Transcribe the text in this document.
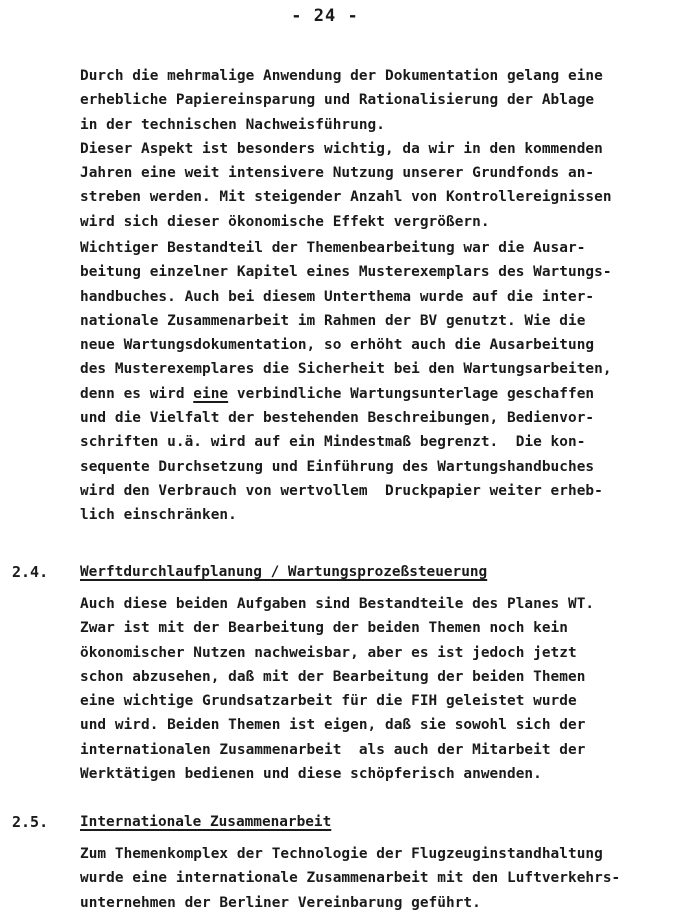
- 24 -
Durch die mehrmalige Anwendung der Dokumentation gelang eine
erhebliche Papiereinsparung und Rationalisierung der Ablage
in der technischen Nachweisführung.
Dieser Aspekt ist besonders wichtig, da wir in den kommenden
Jahren eine weit intensivere Nutzung unserer Grundfonds an-
streben werden. Mit steigender Anzahl von Kontrollereignissen
wird sich dieser ökonomische Effekt vergrößern.
Wichtiger Bestandteil der Themenbearbeitung war die Ausar-
beitung einzelner Kapitel eines Musterexemplars des Wartungs-
handbuches. Auch bei diesem Unterthema wurde auf die inter-
nationale Zusammenarbeit im Rahmen der BV genutzt. Wie die
neue Wartungsdokumentation, so erhöht auch die Ausarbeitung
des Musterexemplares die Sicherheit bei den Wartungsarbeiten,
denn es wird eine verbindliche Wartungsunterlage geschaffen
und die Vielfalt der bestehenden Beschreibungen, Bedienvor-
schriften u.ä. wird auf ein Mindestmaß begrenzt.  Die kon-
sequente Durchsetzung und Einführung des Wartungshandbuches
wird den Verbrauch von wertvollem  Druckpapier weiter erheb-
lich einschränken.
2.4. Werftdurchlaufplanung / Wartungsprozeßsteuerung
Auch diese beiden Aufgaben sind Bestandteile des Planes WT.
Zwar ist mit der Bearbeitung der beiden Themen noch kein
ökonomischer Nutzen nachweisbar, aber es ist jedoch jetzt
schon abzusehen, daß mit der Bearbeitung der beiden Themen
eine wichtige Grundsatzarbeit für die FIH geleistet wurde
und wird. Beiden Themen ist eigen, daß sie sowohl sich der
internationalen Zusammenarbeit  als auch der Mitarbeit der
Werktätigen bedienen und diese schöpferisch anwenden.
2.5. Internationale Zusammenarbeit
Zum Themenkomplex der Technologie der Flugzeuginstandhaltung
wurde eine internationale Zusammenarbeit mit den Luftverkehrs-
unternehmen der Berliner Vereinbarung geführt.
